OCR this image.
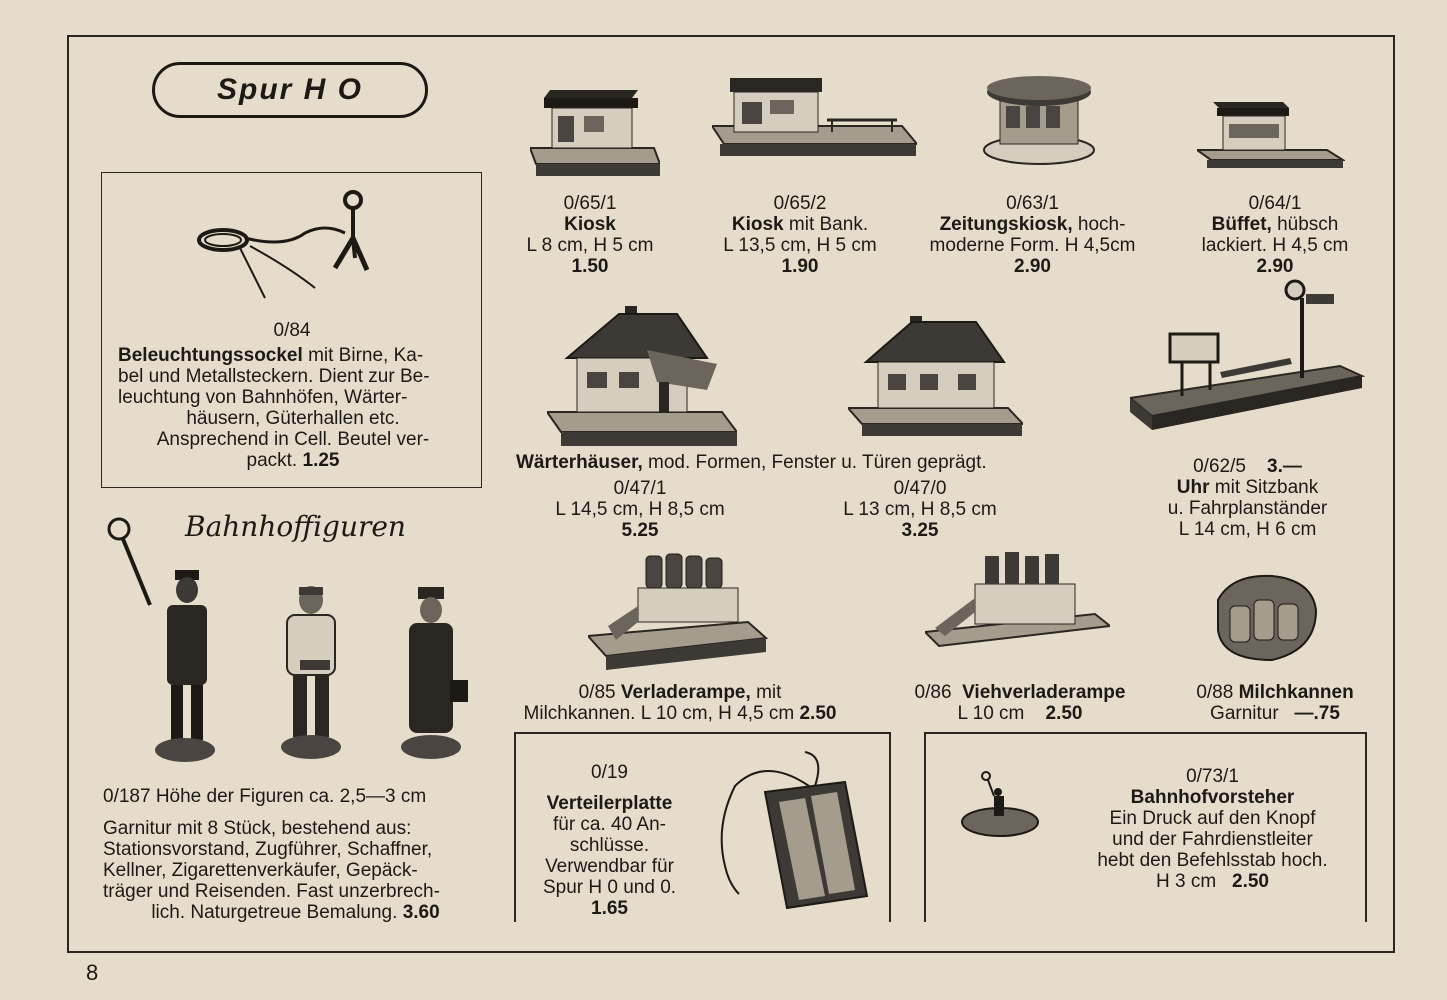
Spur H O
0/84
Beleuchtungssockel mit Birne, Ka-
bel und Metallsteckern. Dient zur Be-
leuchtung von Bahnhöfen, Wärter-
häusern, Güterhallen etc.
Ansprechend in Cell. Beutel ver-
packt. 1.25
Bahnhoffiguren
0/187 Höhe der Figuren ca. 2,5—3 cm
Garnitur mit 8 Stück, bestehend aus:
Stationsvorstand, Zugführer, Schaffner,
Kellner, Zigarettenverkäufer, Gepäck-
träger und Reisenden. Fast unzerbrech-
lich. Naturgetreue Bemalung. 3.60
0/65/1
Kiosk
L 8 cm, H 5 cm
1.50
0/65/2
Kiosk mit Bank.
L 13,5 cm, H 5 cm
1.90
0/63/1
Zeitungskiosk, hoch-
moderne Form. H 4,5cm
2.90
0/64/1
Büffet, hübsch
lackiert. H 4,5 cm
2.90
Wärterhäuser, mod. Formen, Fenster u. Türen geprägt.
0/47/1
L 14,5 cm, H 8,5 cm
5.25
0/47/0
L 13 cm, H 8,5 cm
3.25
0/62/5 3.—
Uhr mit Sitzbank
u. Fahrplanständer
L 14 cm, H 6 cm
0/85 Verladerampe, mit
Milchkannen. L 10 cm, H 4,5 cm 2.50
0/86 Viehverladerampe
L 10 cm 2.50
0/88 Milchkannen
Garnitur —.75
0/19
Verteilerplatte
für ca. 40 An-
schlüsse.
Verwendbar für
Spur H 0 und 0.
1.65
0/73/1
Bahnhofvorsteher
Ein Druck auf den Knopf
und der Fahrdienstleiter
hebt den Befehlsstab hoch.
H 3 cm 2.50
8
